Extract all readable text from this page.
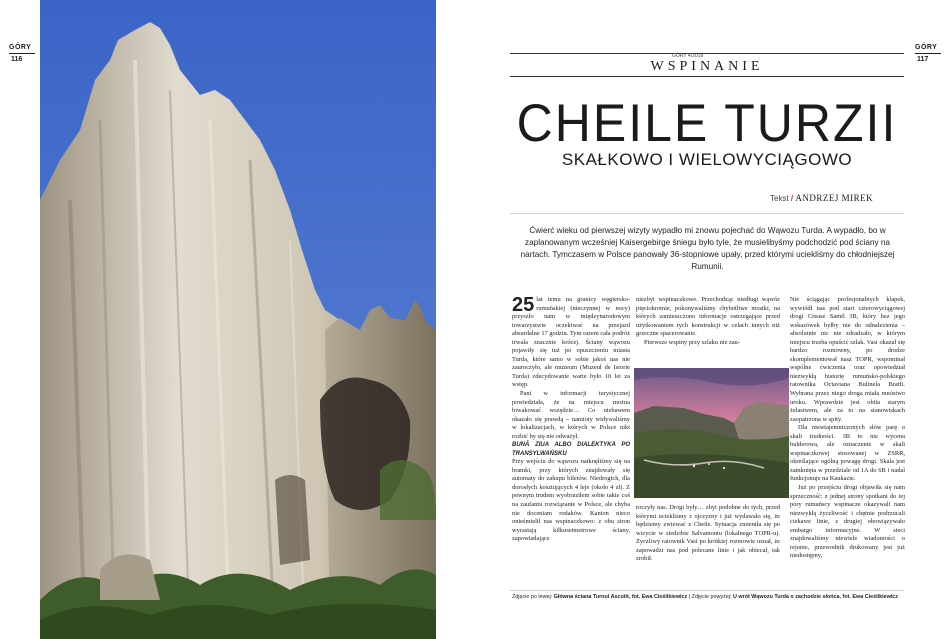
GÓRY
116	GÓRY 4/2018
GÓRY
117
WSPINANIE
CHEILE TURZII
SKAŁKOWO I WIELOWYCIĄGOWO
Tekst / ANDRZEJ MIREK
Ćwierć wieku od pierwszej wizyty wypadło mi znowu pojechać do Wąwozu Turda. A wypadło, bo w zaplanowanym wcześniej Kaisergebirge śniegu było tyle, że musielibyśmy podchodzić pod ściany na nartach. Tymczasem w Polsce panowały 36-stopniowe upały, przed którymi uciekliśmy do chłodniejszej Rumunii.

25 lat temu na granicy węgiersko-rumuńskiej (nieczynnej w nocy) przyszło nam w międzynarodowym towarzystwie oczekiwać na przejazd absurdalne 17 godzin. Tym razem cała podróż trwała znacznie krócej. Ściany wąwozu pojawiły się tuż po opuszczeniu miasta Turda, które samo w sobie jakoś nas nie zauroczyło, ale muzeum (Muzeul de Istorie Turda) zdecydowanie warte było 10 lei za wstęp.

Pani w informacji turystycznej powiedziała, że na miejscu można biwakować wszędzie… Co niebawem okazało się prawdą – namioty widywaliśmy w lokalizacjach, w których w Polsce nikt rozbić by się nie odważył.

BUNĂ ZIUA ALBO DIALEKTYKA PO TRANSYLWAŃSKU

Przy wejściu do wąwozu natknęliśmy się na bramki, przy których znajdowały się automaty do zakupu biletów. Niedrogich, dla dorosłych kosztujących 4 leje (około 4 zł). Z pewnym trudem wyobraziłem sobie takie coś na zaufaniu rozwiązanie w Polsce, ale chyba nie doceniam rodaków. Kanion nieco onieśmielił nas wspinaczkowo: z obu stron wyrastają kilkusetmetrowe ściany, zapowiadające

niezbyt wspinaczkowe. Przechodząc niedługi wąwóz pięciokrotnie, pokonywaliśmy chybotliwe mostki, na których zamieszczono informacje ostrzegające przed użytkowaniem tych konstrukcji w celach innych niż grzeczne spacerowanie.

Pierwsze wspiny przy szlaku nie zau-

roczyły nas. Drogi były… zbyt podobne do tych, przed którymi uciekliśmy z ojczyzny i już wydawało się, że będziemy zwiewać z Cheile. Sytuacja zmieniła się po wizycie w siedzibie Salvamontu (lokalnego TOPR-u). Życzliwy ratownik Vasi po krótkiej rozmowie uznał, że zapowadzi nas pod polecane linie i jak obiecał, tak zrobił.

Nie ściągając profesjonalnych klapek, wywiódł nas pod start czterowyciągowej drogi Crease Samil 3B, który bez jego wskazówek byłby nie do odnalezienia – absolutnie nic nie zdradzało, w którym miejscu trzeba opuścić szlak. Vasi okazał się bardzo rozmowny, po drodze skomplementował nasz TOPR, wspominał wspólne ćwiczenia oraz opowiedział niezwykłą historię rumuńsko-polskiego ratownika Octaviana Bulinela Bratfi. Wybrana przez niego droga miała mnóstwo uroku. Wprawdzie jest obita starym żelastwem, ale za to na stanowiskach zaopatrzona w spity.

Dla niewtajemniczonych słów parę o skali trudności. 3B to nie wycena bulderowa, ale oznaczenie w skali wspinaczkowej stosowanej w ZSRR, określające ogólną powagę drogi. Skala jest zamknięta w przedziale od 1A do 6B i nadal funkcjonuje na Kaukazie.

Już po przejściu drogi objawiła się nam sprzeczność: z jednej strony spotkani do tej pory rumuńscy wspinacze okazywali nam niezwykłą życzliwość i chętnie podrzucali ciekawe linie, z drugiej obowiązywało embargo informacyjne. W sieci znajdowaliśmy niewiele wiadomości o rejonie, przewodnik drukowany jest już niedostępny,

Zdjęcie po lewej: Główna ściana Turnul Ascutit, fot. Ewa Cieślikiewicz | Zdjęcie powyżej: U wrót Wąwozu Turda o zachodzie słońca, fot. Ewa Cieślikiewicz
